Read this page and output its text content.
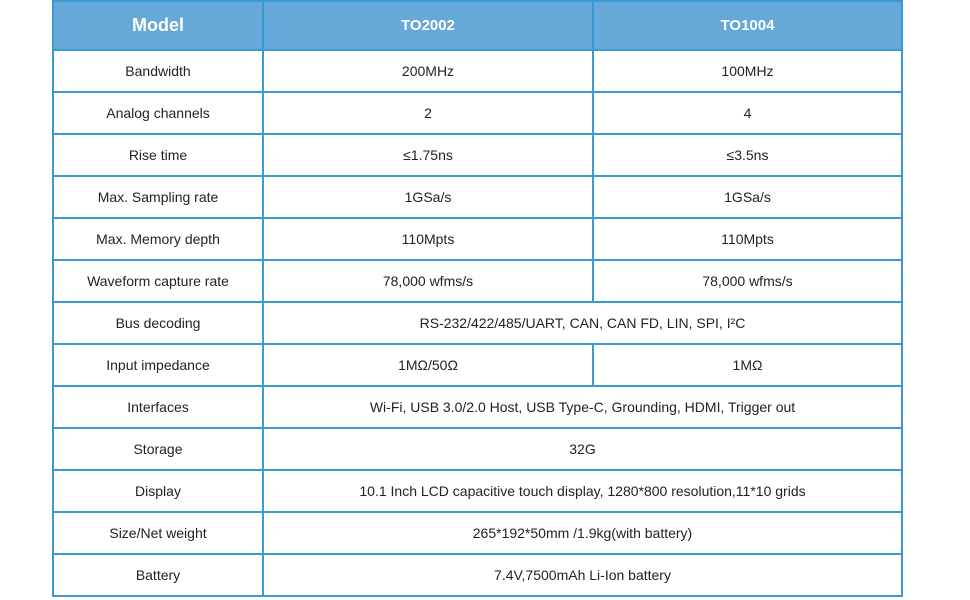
Model	TO2002	TO1004
Bandwidth	200MHz	100MHz
Analog channels	2	4
Rise time	≤1.75ns	≤3.5ns
Max. Sampling rate	1GSa/s	1GSa/s
Max. Memory depth	110Mpts	110Mpts
Waveform capture rate	78,000 wfms/s	78,000 wfms/s
Bus decoding	RS-232/422/485/UART, CAN, CAN FD, LIN, SPI, I²C	
Input impedance	1MΩ/50Ω	1MΩ
Interfaces	Wi-Fi, USB 3.0/2.0 Host, USB Type-C, Grounding, HDMI, Trigger out	
Storage	32G	
Display	10.1 Inch LCD capacitive touch display, 1280*800 resolution,11*10 grids	
Size/Net weight	265*192*50mm /1.9kg(with battery)	
Battery	7.4V,7500mAh Li-Ion battery	
